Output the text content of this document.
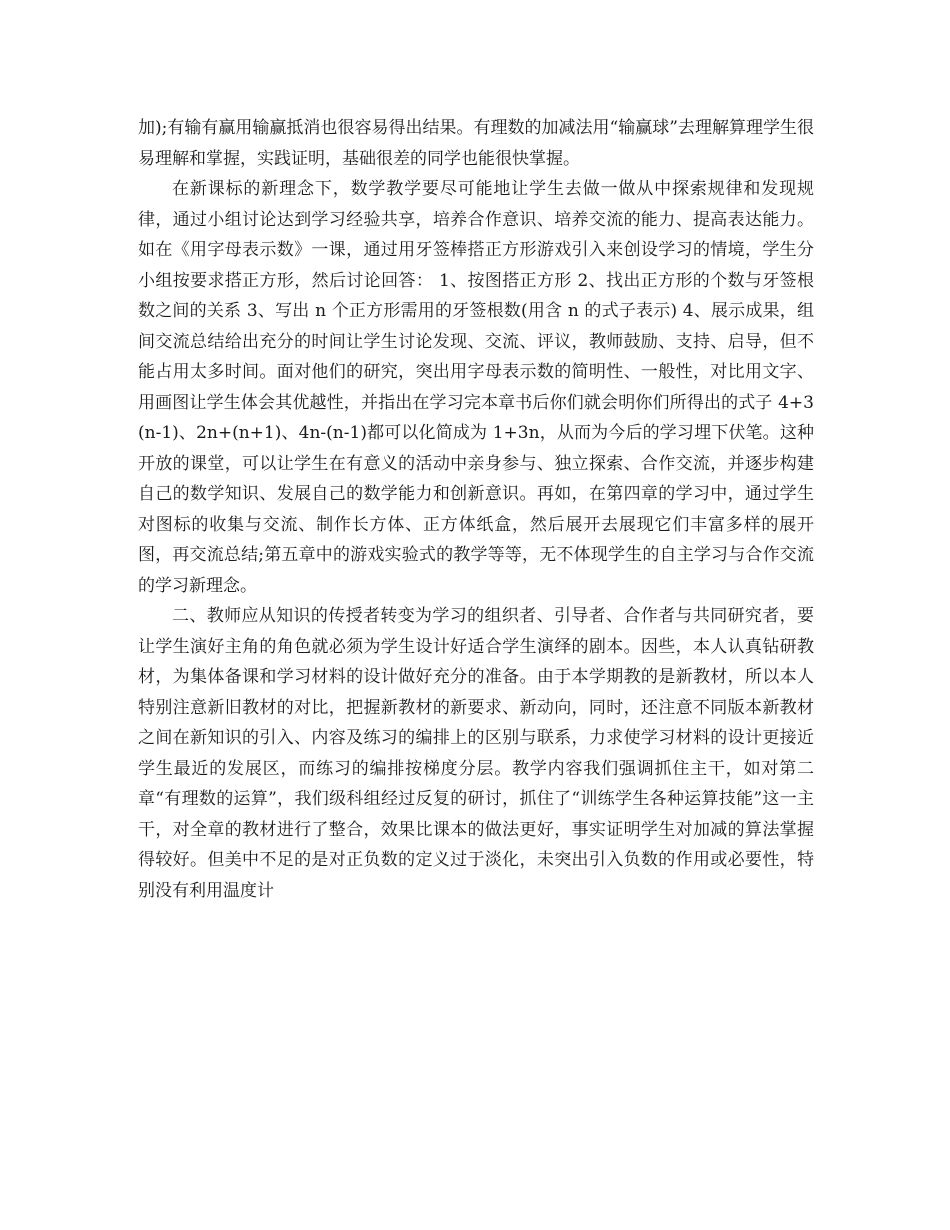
加);有输有赢用输赢抵消也很容易得出结果。有理数的加减法用“输赢球”去理解算理学生很易理解和掌握，实践证明，基础很差的同学也能很快掌握。

在新课标的新理念下，数学教学要尽可能地让学生去做一做从中探索规律和发现规律，通过小组讨论达到学习经验共享，培养合作意识、培养交流的能力、提高表达能力。如在《用字母表示数》一课，通过用牙签棒搭正方形游戏引入来创设学习的情境，学生分小组按要求搭正方形，然后讨论回答： 1、按图搭正方形 2、找出正方形的个数与牙签根数之间的关系 3、写出 n 个正方形需用的牙签根数(用含 n 的式子表示) 4、展示成果，组间交流总结给出充分的时间让学生讨论发现、交流、评议，教师鼓励、支持、启导，但不能占用太多时间。面对他们的研究，突出用字母表示数的简明性、一般性，对比用文字、用画图让学生体会其优越性，并指出在学习完本章书后你们就会明你们所得出的式子 4+3(n-1)、2n+(n+1)、4n-(n-1)都可以化简成为 1+3n，从而为今后的学习埋下伏笔。这种开放的课堂，可以让学生在有意义的活动中亲身参与、独立探索、合作交流，并逐步构建自己的数学知识、发展自己的数学能力和创新意识。再如，在第四章的学习中，通过学生对图标的收集与交流、制作长方体、正方体纸盒，然后展开去展现它们丰富多样的展开图，再交流总结;第五章中的游戏实验式的教学等等，无不体现学生的自主学习与合作交流的学习新理念。

二、教师应从知识的传授者转变为学习的组织者、引导者、合作者与共同研究者，要让学生演好主角的角色就必须为学生设计好适合学生演绎的剧本。因些，本人认真钻研教材，为集体备课和学习材料的设计做好充分的准备。由于本学期教的是新教材，所以本人特别注意新旧教材的对比，把握新教材的新要求、新动向，同时，还注意不同版本新教材之间在新知识的引入、内容及练习的编排上的区别与联系，力求使学习材料的设计更接近学生最近的发展区，而练习的编排按梯度分层。教学内容我们强调抓住主干，如对第二章“有理数的运算”，我们级科组经过反复的研讨，抓住了“训练学生各种运算技能”这一主干，对全章的教材进行了整合，效果比课本的做法更好，事实证明学生对加减的算法掌握得较好。但美中不足的是对正负数的定义过于淡化，未突出引入负数的作用或必要性，特别没有利用温度计
